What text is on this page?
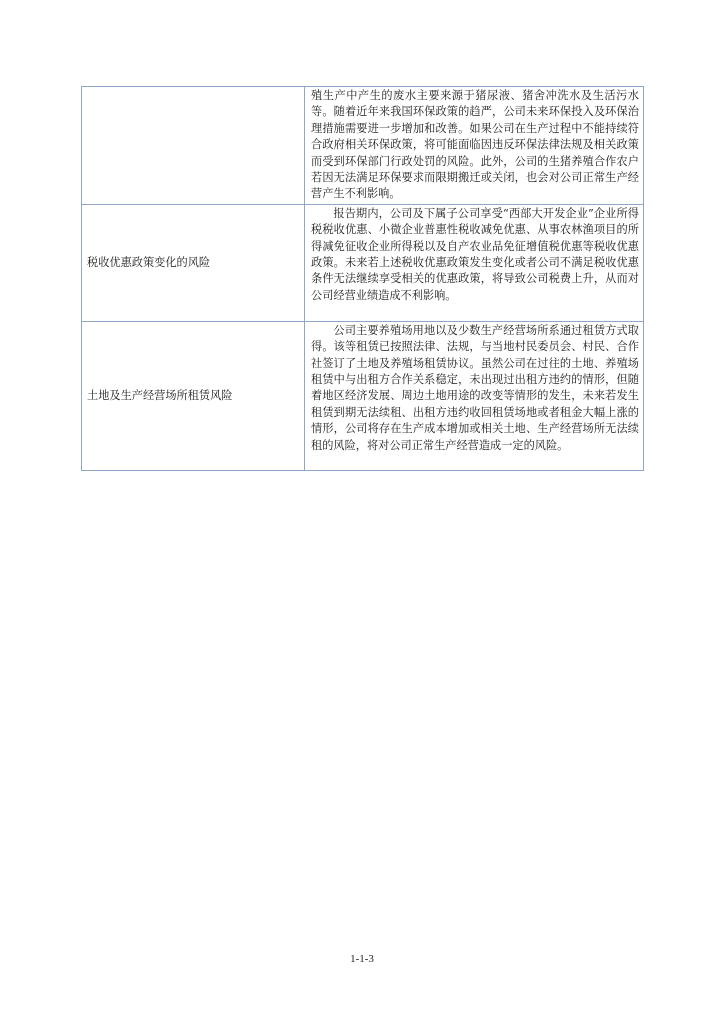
	殖生产中产生的废水主要来源于猪尿液、猪舍冲洗水及生活污水等。随着近年来我国环保政策的趋严，公司未来环保投入及环保治理措施需要进一步增加和改善。如果公司在生产过程中不能持续符合政府相关环保政策，将可能面临因违反环保法律法规及相关政策而受到环保部门行政处罚的风险。此外，公司的生猪养殖合作农户若因无法满足环保要求而限期搬迁或关闭，也会对公司正常生产经营产生不利影响。

税收优惠政策变化的风险	报告期内，公司及下属子公司享受“西部大开发企业”企业所得税税收优惠、小微企业普惠性税收减免优惠、从事农林渔项目的所得减免征收企业所得税以及自产农业品免征增值税优惠等税收优惠政策。未来若上述税收优惠政策发生变化或者公司不满足税收优惠条件无法继续享受相关的优惠政策，将导致公司税费上升，从而对公司经营业绩造成不利影响。

土地及生产经营场所租赁风险	公司主要养殖场用地以及少数生产经营场所系通过租赁方式取得。该等租赁已按照法律、法规，与当地村民委员会、村民、合作社签订了土地及养殖场租赁协议。虽然公司在过往的土地、养殖场租赁中与出租方合作关系稳定，未出现过出租方违约的情形，但随着地区经济发展、周边土地用途的改变等情形的发生，未来若发生租赁到期无法续租、出租方违约收回租赁场地或者租金大幅上涨的情形，公司将存在生产成本增加或相关土地、生产经营场所无法续租的风险，将对公司正常生产经营造成一定的风险。

1-1-3
